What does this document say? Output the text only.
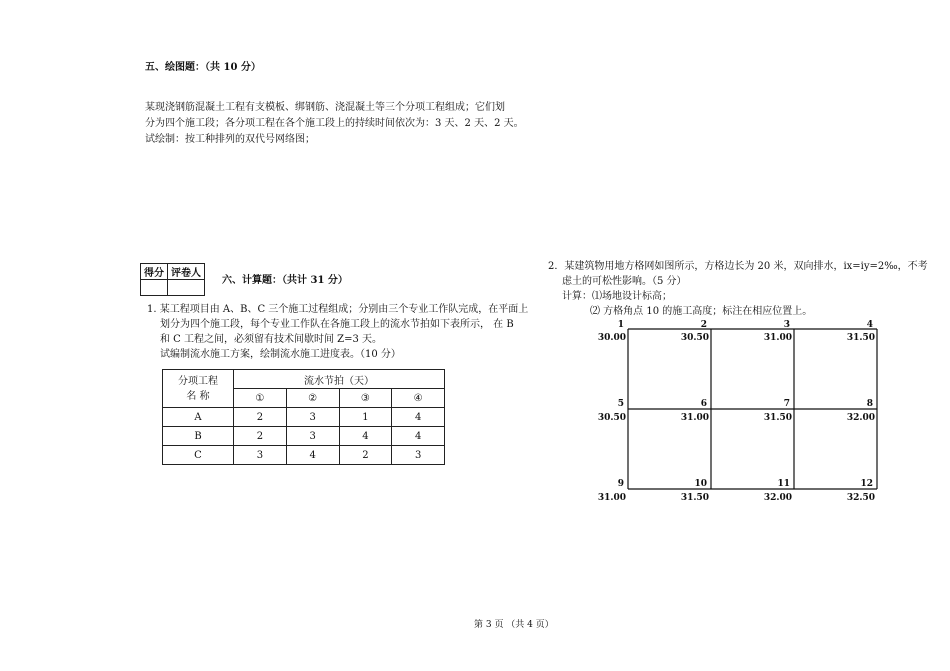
五、绘图题：（共 10 分）
某现浇钢筋混凝土工程有支模板、绑钢筋、浇混凝土等三个分项工程组成；它们划
分为四个施工段；各分项工程在各个施工段上的持续时间依次为：3 天、2 天、2 天。
试绘制：按工种排列的双代号网络图；
得分	评卷人

六、计算题：（共计 31 分）
1. 某工程项目由 A、B、C 三个施工过程组成；分别由三个专业工作队完成，在平面上
划分为四个施工段，每个专业工作队在各施工段上的流水节拍如下表所示， 在 B
和 C 工程之间，必须留有技术间歇时间 Z=3 天。
试编制流水施工方案，绘制流水施工进度表。（10 分）
分项工程
名 称	流水节拍（天）			
	①	②	③	④
A	2	3	1	4
B	2	3	4	4
C	3	4	2	3
2．某建筑物用地方格网如图所示，方格边长为 20 米，双向排水，ix=iy=2‰，不考
虑土的可松性影响。（5 分）
计算：⑴场地设计标高；
⑵ 方格角点 10 的施工高度；标注在相应位置上。
1
30.00
2
30.50
3
31.00
4
31.50
5
30.50
6
31.00
7
31.50
8
32.00
9
31.00
10
31.50
11
32.00
12
32.50
第 3 页 （共 4 页）
